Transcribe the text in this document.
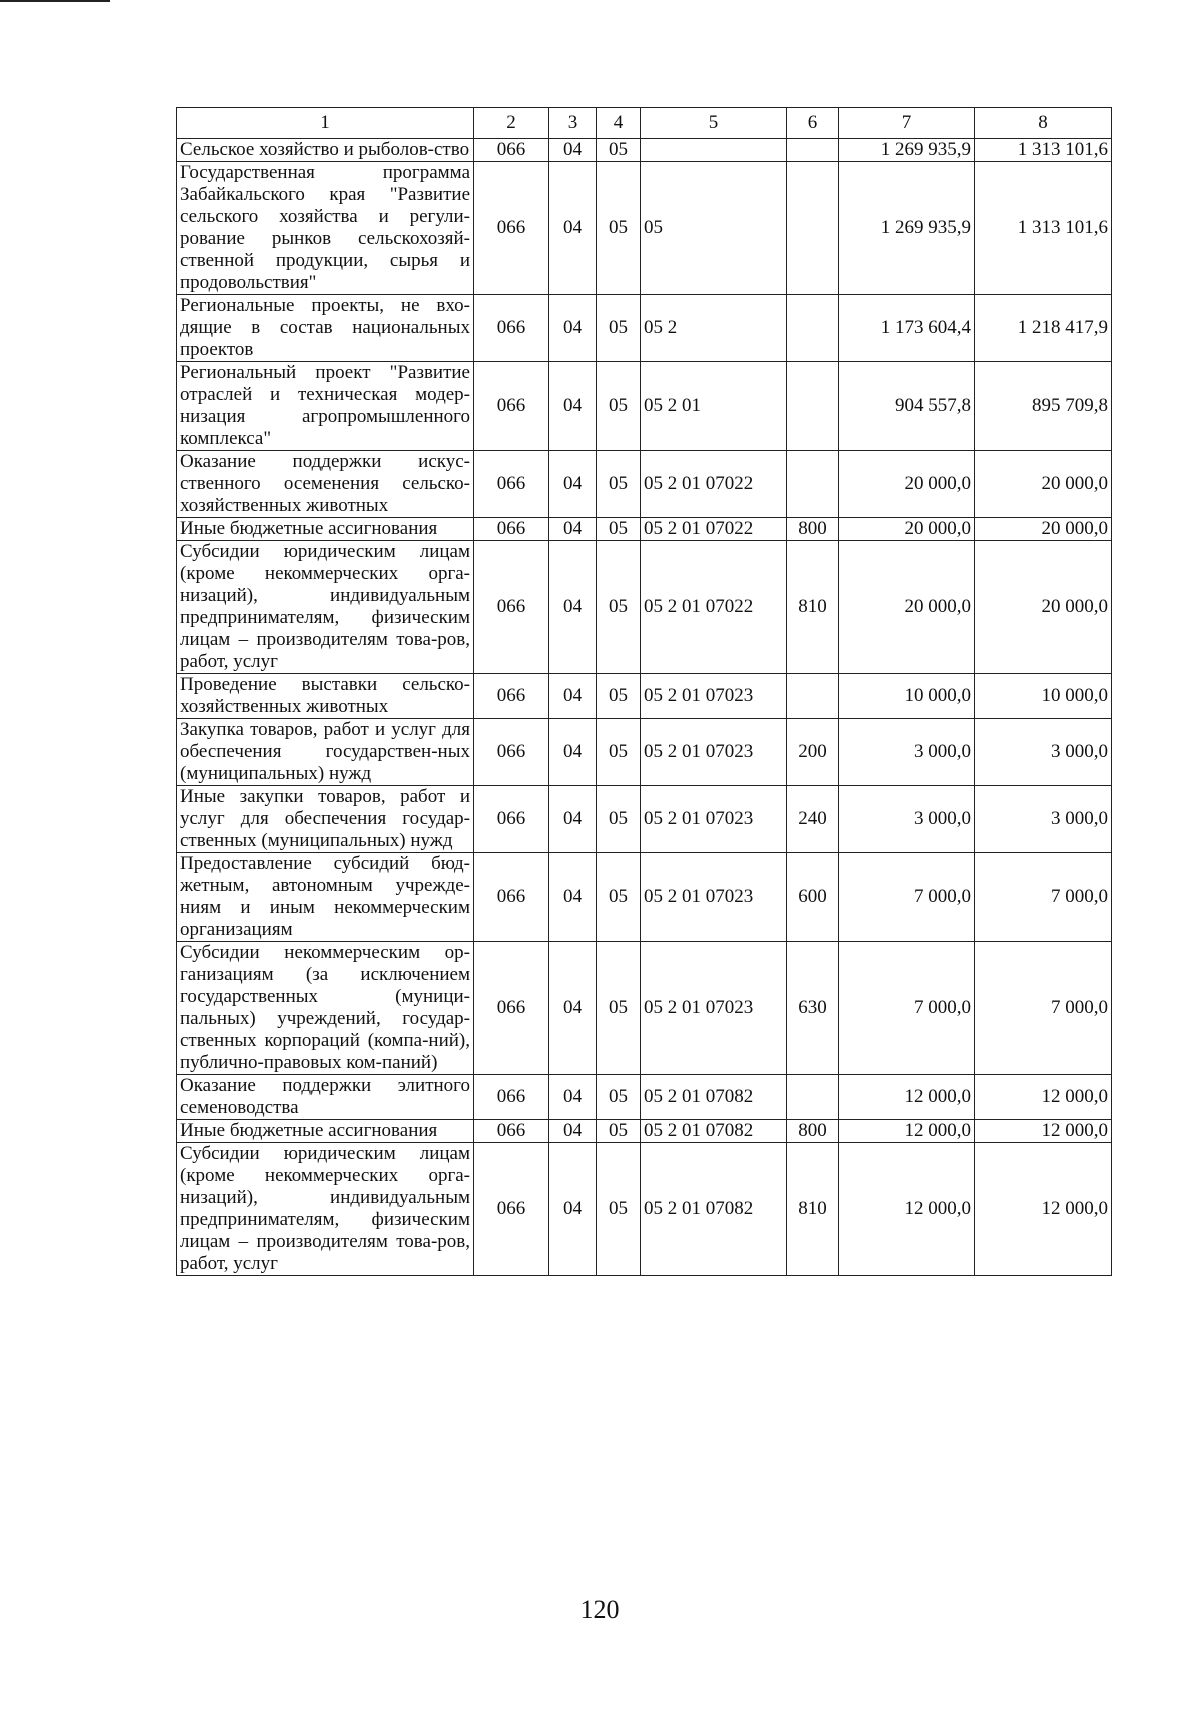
1	2	3	4	5	6	7	8
Сельское хозяйство и рыболов-ство	066	04	05			1 269 935,9	1 313 101,6
Государственная программа Забайкальского края "Развитие сельского хозяйства и регули-рование рынков сельскохозяй-ственной продукции, сырья и продовольствия"	066	04	05	05		1 269 935,9	1 313 101,6
Региональные проекты, не вхо-дящие в состав национальных проектов	066	04	05	05 2		1 173 604,4	1 218 417,9
Региональный проект "Развитие отраслей и техническая модер-низация агропромышленного комплекса"	066	04	05	05 2 01		904 557,8	895 709,8
Оказание поддержки искус-ственного осеменения сельско-хозяйственных животных	066	04	05	05 2 01 07022		20 000,0	20 000,0
Иные бюджетные ассигнования	066	04	05	05 2 01 07022	800	20 000,0	20 000,0
Субсидии юридическим лицам (кроме некоммерческих орга-низаций), индивидуальным предпринимателям, физическим лицам – производителям това-ров, работ, услуг	066	04	05	05 2 01 07022	810	20 000,0	20 000,0
Проведение выставки сельско-хозяйственных животных	066	04	05	05 2 01 07023		10 000,0	10 000,0
Закупка товаров, работ и услуг для обеспечения государствен-ных (муниципальных) нужд	066	04	05	05 2 01 07023	200	3 000,0	3 000,0
Иные закупки товаров, работ и услуг для обеспечения государ-ственных (муниципальных) нужд	066	04	05	05 2 01 07023	240	3 000,0	3 000,0
Предоставление субсидий бюд-жетным, автономным учрежде-ниям и иным некоммерческим организациям	066	04	05	05 2 01 07023	600	7 000,0	7 000,0
Субсидии некоммерческим ор-ганизациям (за исключением государственных (муници-пальных) учреждений, государ-ственных корпораций (компа-ний), публично-правовых ком-паний)	066	04	05	05 2 01 07023	630	7 000,0	7 000,0
Оказание поддержки элитного семеноводства	066	04	05	05 2 01 07082		12 000,0	12 000,0
Иные бюджетные ассигнования	066	04	05	05 2 01 07082	800	12 000,0	12 000,0
Субсидии юридическим лицам (кроме некоммерческих орга-низаций), индивидуальным предпринимателям, физическим лицам – производителям това-ров, работ, услуг	066	04	05	05 2 01 07082	810	12 000,0	12 000,0
120
